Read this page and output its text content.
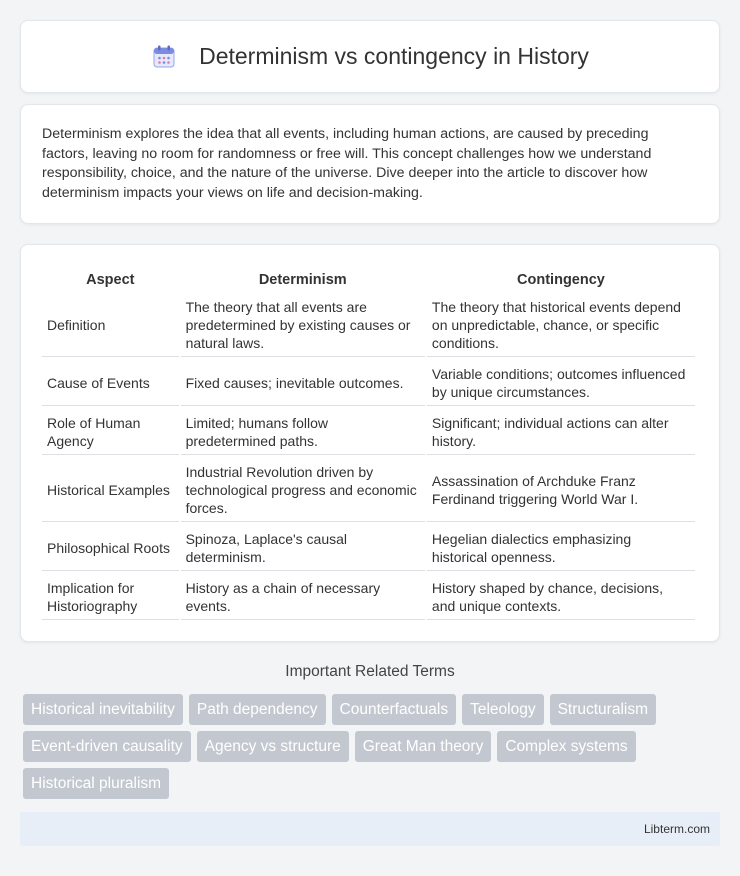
Determinism vs contingency in History

Determinism explores the idea that all events, including human actions, are caused by preceding factors, leaving no room for randomness or free will. This concept challenges how we understand responsibility, choice, and the nature of the universe. Dive deeper into the article to discover how determinism impacts your views on life and decision-making.

Aspect	Determinism	Contingency
Definition	The theory that all events are predetermined by existing causes or natural laws.	The theory that historical events depend on unpredictable, chance, or specific conditions.
Cause of Events	Fixed causes; inevitable outcomes.	Variable conditions; outcomes influenced by unique circumstances.
Role of Human Agency	Limited; humans follow predetermined paths.	Significant; individual actions can alter history.
Historical Examples	Industrial Revolution driven by technological progress and economic forces.	Assassination of Archduke Franz Ferdinand triggering World War I.
Philosophical Roots	Spinoza, Laplace's causal determinism.	Hegelian dialectics emphasizing historical openness.
Implication for Historiography	History as a chain of necessary events.	History shaped by chance, decisions, and unique contexts.
Important Related Terms
Historical inevitability	Path dependency	Counterfactuals	Teleology	Structuralism
Event-driven causality	Agency vs structure	Great Man theory	Complex systems
Historical pluralism
Libterm.com
